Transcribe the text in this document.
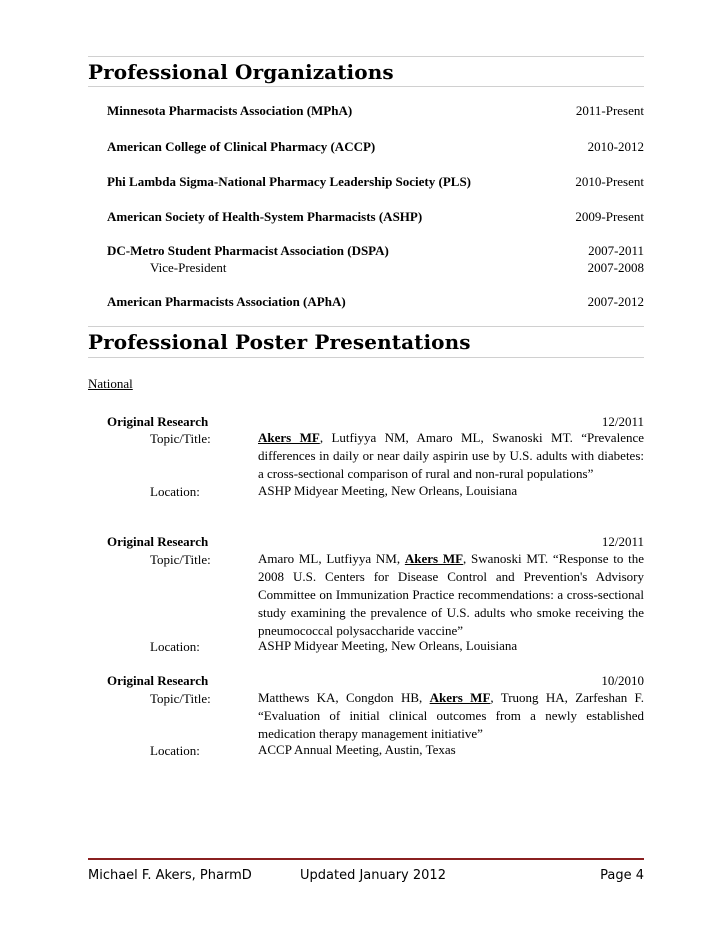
Professional Organizations
Minnesota Pharmacists Association (MPhA)	2011-Present
American College of Clinical Pharmacy (ACCP)	2010-2012
Phi Lambda Sigma-National Pharmacy Leadership Society (PLS)	2010-Present
American Society of Health-System Pharmacists (ASHP)	2009-Present
DC-Metro Student Pharmacist Association (DSPA)	2007-2011
Vice-President	2007-2008
American Pharmacists Association (APhA)	2007-2012
Professional Poster Presentations
National
Original Research	12/2011
Topic/Title:	Akers MF, Lutfiyya NM, Amaro ML, Swanoski MT. “Prevalence differences in daily or near daily aspirin use by U.S. adults with diabetes: a cross-sectional comparison of rural and non-rural populations”

Location:	ASHP Midyear Meeting, New Orleans, Louisiana
Original Research	12/2011
Topic/Title:	Amaro ML, Lutfiyya NM, Akers MF, Swanoski MT. “Response to the 2008 U.S. Centers for Disease Control and Prevention's Advisory Committee on Immunization Practice recommendations: a cross-sectional study examining the prevalence of U.S. adults who smoke receiving the pneumococcal polysaccharide vaccine”

Location:	ASHP Midyear Meeting, New Orleans, Louisiana
Original Research	10/2010
Topic/Title:	Matthews KA, Congdon HB, Akers MF, Truong HA, Zarfeshan F. “Evaluation of initial clinical outcomes from a newly established medication therapy management initiative”

Location:	ACCP Annual Meeting, Austin, Texas
Michael F. Akers, PharmD	Updated January 2012	Page 4
